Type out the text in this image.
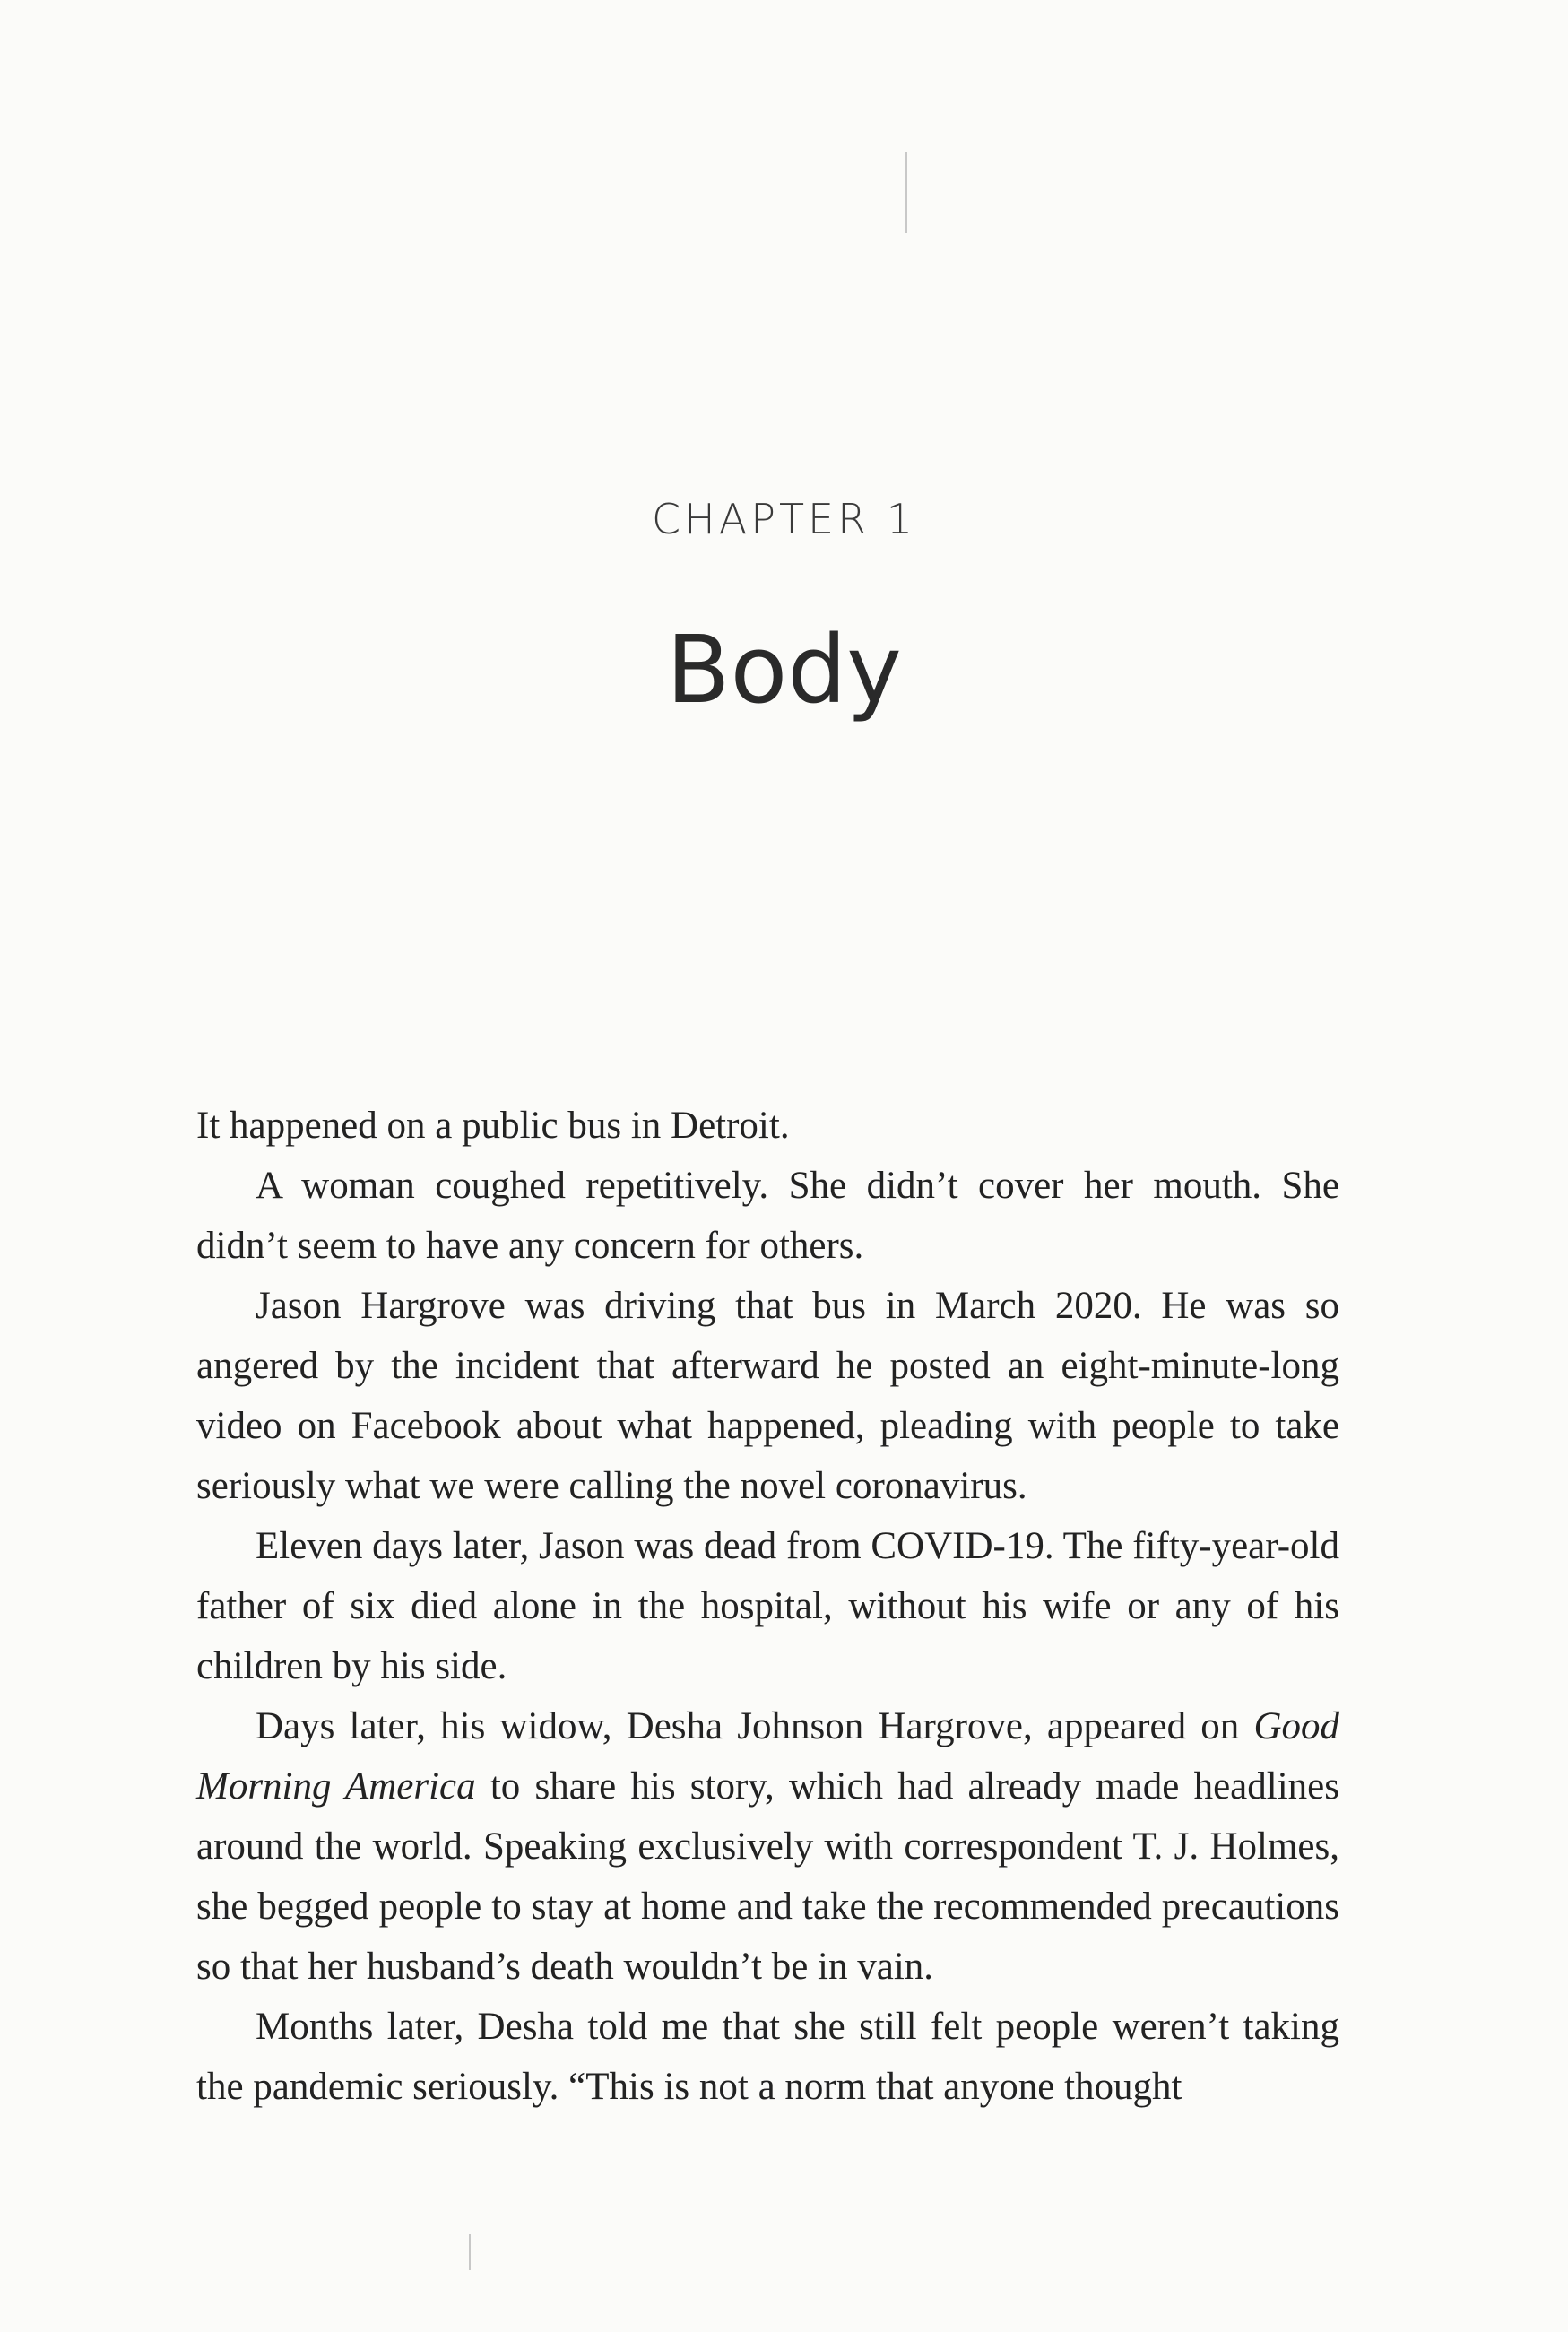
CHAPTER 1
Body

It happened on a public bus in Detroit.

A woman coughed repetitively. She didn’t cover her mouth. She didn’t seem to have any concern for others.

Jason Hargrove was driving that bus in March 2020. He was so angered by the incident that afterward he posted an eight-minute-long video on Facebook about what happened, pleading with people to take seriously what we were calling the novel coronavirus.

Eleven days later, Jason was dead from COVID-19. The fifty-year-old father of six died alone in the hospital, without his wife or any of his children by his side.

Days later, his widow, Desha Johnson Hargrove, appeared on Good Morning America to share his story, which had already made headlines around the world. Speaking exclusively with correspondent T. J. Holmes, she begged people to stay at home and take the recommended precautions so that her husband’s death wouldn’t be in vain.

Months later, Desha told me that she still felt people weren’t taking the pandemic seriously. “This is not a norm that anyone thought
